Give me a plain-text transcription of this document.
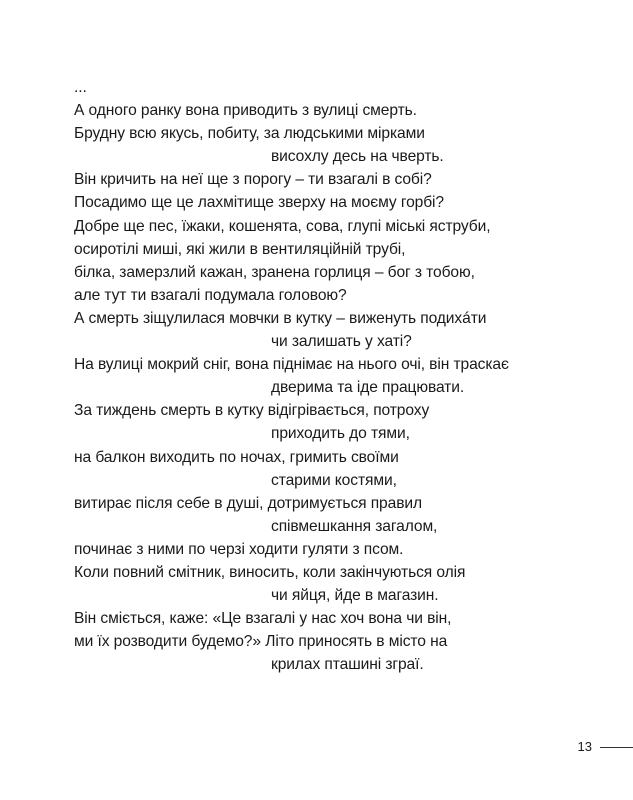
...
А одного ранку вона приводить з вулиці смерть.
Брудну всю якусь, побиту, за людськими мірками
висохлу десь на чверть.
Він кричить на неї ще з порогу – ти взагалі в собі?
Посадимо ще це лахмітище зверху на моєму горбі?
Добре ще пес, їжаки, кошенята, сова, глупі міські яструби,
осиротілі миші, які жили в вентиляційній трубі,
білка, замерзлий кажан, зранена горлиця – бог з тобою,
але тут ти взагалі подумала головою?
А смерть зіщулилася мовчки в кутку – виженуть подихáти
чи залишать у хаті?
На вулиці мокрий сніг, вона піднімає на нього очі, він траскає
дверима та іде працювати.
За тиждень смерть в кутку відігрівається, потроху
приходить до тями,
на балкон виходить по ночах, гримить своїми
старими костями,
витирає після себе в душі, дотримується правил
співмешкання загалом,
починає з ними по черзі ходити гуляти з псом.
Коли повний смітник, виносить, коли закінчуються олія
чи яйця, йде в магазин.
Він сміється, каже: «Це взагалі у нас хоч вона чи він,
ми їх розводити будемо?» Літо приносять в місто на
крилах пташині зграї.
13
